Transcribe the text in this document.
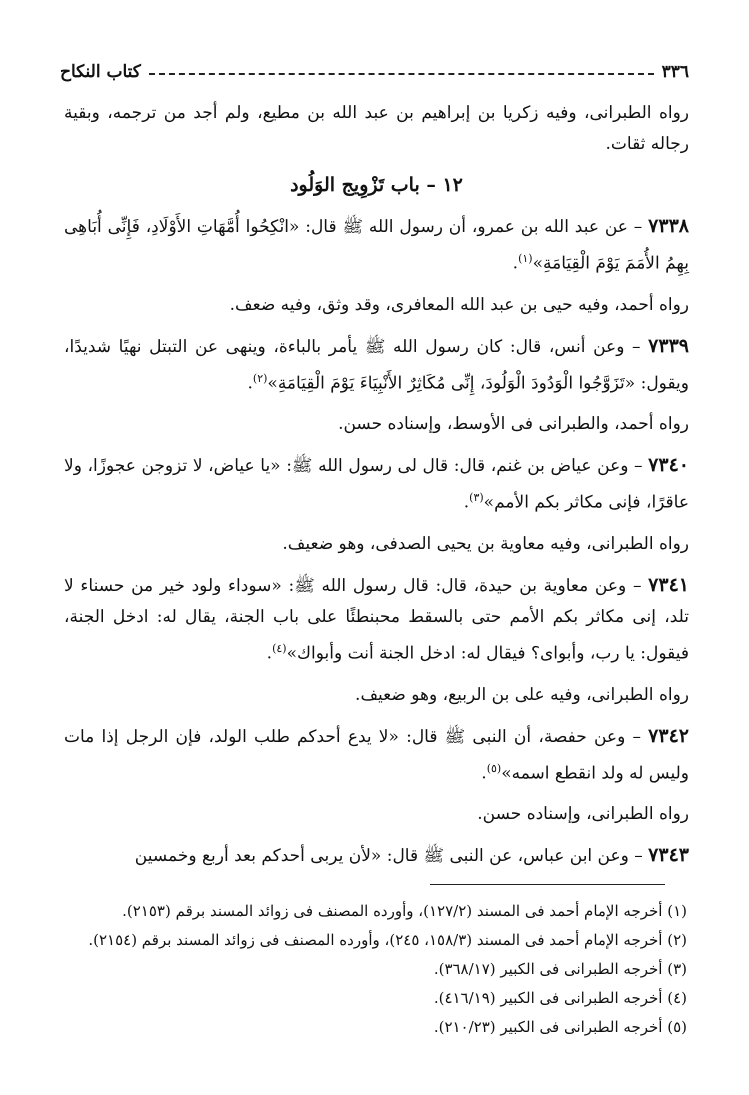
٣٣٦
كتاب النكاح

رواه الطبرانى، وفيه زكريا بن إبراهيم بن عبد الله بن مطيع، ولم أجد من ترجمه، وبقية رجاله ثقات.

١٢ – باب تَزْوِيج الوَلُود

٧٣٣٨ – عن عبد الله بن عمرو، أن رسول الله ﷺ قال: «انْكِحُوا أُمَّهَاتِ الأَوْلَادِ، فَإِنِّى أُبَاهِى بِهِمُ الأُمَمَ يَوْمَ الْقِيَامَةِ»$^{(١)}$.

رواه أحمد، وفيه حيى بن عبد الله المعافرى، وقد وثق، وفيه ضعف.

٧٣٣٩ – وعن أنس، قال: كان رسول الله ﷺ يأمر بالباءة، وينهى عن التبتل نهيًا شديدًا، ويقول: «تَزَوَّجُوا الْوَدُودَ الْوَلُودَ، إِنِّى مُكَاثِرٌ الأَنْبِيَاءَ يَوْمَ الْقِيَامَةِ»$^{(٢)}$.

رواه أحمد، والطبرانى فى الأوسط، وإسناده حسن.

٧٣٤٠ – وعن عياض بن غنم، قال: قال لى رسول الله ﷺ: «يا عياض، لا تزوجن عجوزًا، ولا عاقرًا، فإنى مكاثر بكم الأمم»$^{(٣)}$.

رواه الطبرانى، وفيه معاوية بن يحيى الصدفى، وهو ضعيف.

٧٣٤١ – وعن معاوية بن حيدة، قال: قال رسول الله ﷺ: «سوداء ولود خير من حسناء لا تلد، إنى مكاثر بكم الأمم حتى بالسقط محبنطئًا على باب الجنة، يقال له: ادخل الجنة، فيقول: يا رب، وأبواى؟ فيقال له: ادخل الجنة أنت وأبواك»$^{(٤)}$.

رواه الطبرانى، وفيه على بن الربيع، وهو ضعيف.

٧٣٤٢ – وعن حفصة، أن النبى ﷺ قال: «لا يدع أحدكم طلب الولد، فإن الرجل إذا مات وليس له ولد انقطع اسمه»$^{(٥)}$.

رواه الطبرانى، وإسناده حسن.

٧٣٤٣ – وعن ابن عباس، عن النبى ﷺ قال: «لأن يربى أحدكم بعد أربع وخمسين

(١) أخرجه الإمام أحمد فى المسند (١٢٧/٢)، وأورده المصنف فى زوائد المسند برقم (٢١٥٣).
(٢) أخرجه الإمام أحمد فى المسند (١٥٨/٣، ٢٤٥)، وأورده المصنف فى زوائد المسند برقم (٢١٥٤).
(٣) أخرجه الطبرانى فى الكبير (٣٦٨/١٧).
(٤) أخرجه الطبرانى فى الكبير (٤١٦/١٩).
(٥) أخرجه الطبرانى فى الكبير (٢١٠/٢٣).
